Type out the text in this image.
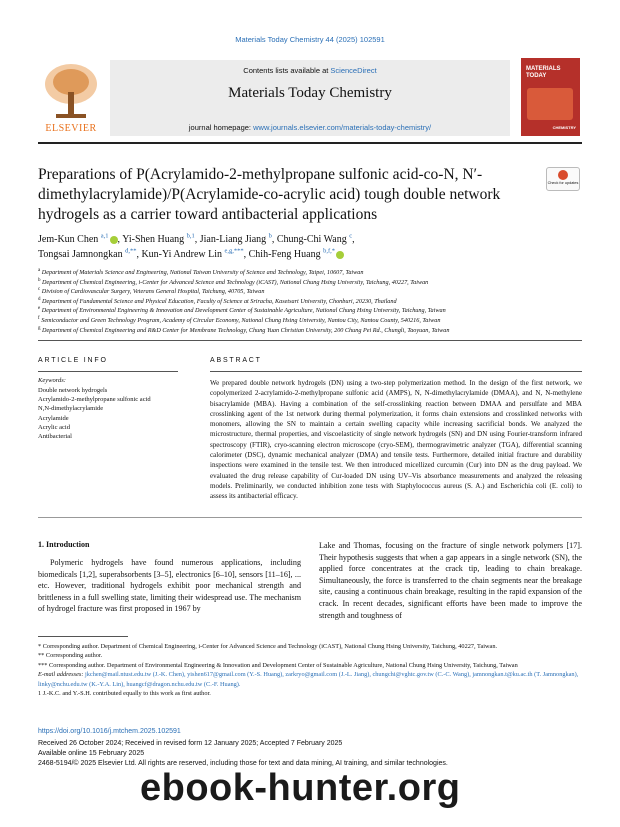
Materials Today Chemistry 44 (2025) 102591
ELSEVIER
Contents lists available at ScienceDirect
Materials Today Chemistry
journal homepage: www.journals.elsevier.com/materials-today-chemistry/
MATERIALS TODAY
CHEMISTRY
Preparations of P(Acrylamido-2-methylpropane sulfonic acid-co-N, N′-dimethylacrylamide)/P(Acrylamide-co-acrylic acid) tough double network hydrogels as a carrier toward antibacterial applications
Check for updates
Jem-Kun Chen $^{a,1}$ , Yi-Shen Huang $^{b,1}$, Jian-Liang Jiang $^b$, Chung-Chi Wang $^c$,
Tongsai Jamnongkan $^{d,**}$, Kun-Yi Andrew Lin $^{e,g,***}$, Chih-Feng Huang $^{b,f,*}$
$^a$ Department of Materials Science and Engineering, National Taiwan University of Science and Technology, Taipei, 10607, Taiwan
$^b$ Department of Chemical Engineering, i-Center for Advanced Science and Technology (iCAST), National Chung Hsing University, Taichung, 40227, Taiwan
$^c$ Division of Cardiovascular Surgery, Veterans General Hospital, Taichung, 40705, Taiwan
$^d$ Department of Fundamental Science and Physical Education, Faculty of Science at Sriracha, Kasetsart University, Chonburi, 20230, Thailand
$^e$ Department of Environmental Engineering & Innovation and Development Center of Sustainable Agriculture, National Chung Hsing University, Taichung, Taiwan
$^f$ Semiconductor and Green Technology Program, Academy of Circular Economy, National Chung Hsing University, Nantou City, Nantou County, 540216, Taiwan
$^g$ Department of Chemical Engineering and R&D Center for Membrane Technology, Chung Yuan Christian University, 200 Chung Pei Rd., Chungli, Taoyuan, Taiwan
ARTICLE INFO	ABSTRACT
Keywords:
Double network hydrogels
Acrylamido-2-methylpropane sulfonic acid
N,N-dimethylacrylamide
Acrylamide
Acrylic acid
Antibacterial
We prepared double network hydrogels (DN) using a two-step polymerization method. In the design of the first network, we copolymerized 2-acrylamido-2-methylpropane sulfonic acid (AMPS), N, N-dimethylacrylamide (DMAA), and N, N-methylene bisacrylamide (MBA). Having a combination of the self-crosslinking reaction between DMAA and persulfate and MBA crosslinking agent of the 1st network during thermal polymerization, it forms chain extensions and crosslinked networks with monomers, allowing the SN to maintain a certain swelling capacity while increasing sacrificial bonds. We analyzed the microstructure, thermal properties, and viscoelasticity of single network hydrogels (SN) and DN using Fourier-transform infrared spectroscopy (FTIR), cryo-scanning electron microscope (cryo-SEM), thermogravimetric analyzer (TGA), differential scanning calorimeter (DSC), dynamic mechanical analyzer (DMA) and tensile tests. Furthermore, detailed initial fracture and durability inspections were examined in the tensile test. We then introduced micellized curcumin (Cur) into DN as the drug payload. We evaluated the drug release capability of Cur-loaded DN using UV–Vis absorbance measurements and analyzed the releasing models. Preliminarily, we conducted inhibition zone tests with Staphylococcus aureus (S. A.) and Escherichia coli (E. coli) to assess its antibacterial efficacy.
1. Introduction
Polymeric hydrogels have found numerous applications, including biomedicals [1,2], superabsorbents [3–5], electronics [6–10], sensors [11–16], ... etc. However, traditional hydrogels exhibit poor mechanical strength and brittleness in a full swelling state, limiting their widespread use. The mechanism of hydrogel fracture was first proposed in 1967 by
Lake and Thomas, focusing on the fracture of single network polymers [17]. Their hypothesis suggests that when a gap appears in a single network (SN), the applied force concentrates at the crack tip, leading to chain breakage. Simultaneously, the force is transferred to the chain segments near the breakage site, causing a continuous chain breakage, resulting in the rapid expansion of the crack. In recent decades, significant efforts have been made to improve the strength and toughness of
* Corresponding author. Department of Chemical Engineering, i-Center for Advanced Science and Technology (iCAST), National Chung Hsing University, Taichung, 40227, Taiwan.
** Corresponding author.
*** Corresponding author. Department of Environmental Engineering & Innovation and Development Center of Sustainable Agriculture, National Chung Hsing University, Taichung, Taiwan
E-mail addresses: jkchen@mail.ntust.edu.tw (J.-K. Chen), yishen617@gmail.com (Y.-S. Huang), zarkryo@gmail.com (J.-L. Jiang), chungchi@vghtc.gov.tw (C.-C. Wang), jamnongkan.t@ku.ac.th (T. Jamnongkan), linky@nchu.edu.tw (K.-Y.A. Lin), huangcf@dragon.nchu.edu.tw (C.-F. Huang).
1 J.-K.C. and Y.-S.H. contributed equally to this work as first author.
https://doi.org/10.1016/j.mtchem.2025.102591
Received 26 October 2024; Received in revised form 12 January 2025; Accepted 7 February 2025
Available online 15 February 2025
2468-5194/© 2025 Elsevier Ltd. All rights are reserved, including those for text and data mining, AI training, and similar technologies.
ebook-hunter.org
